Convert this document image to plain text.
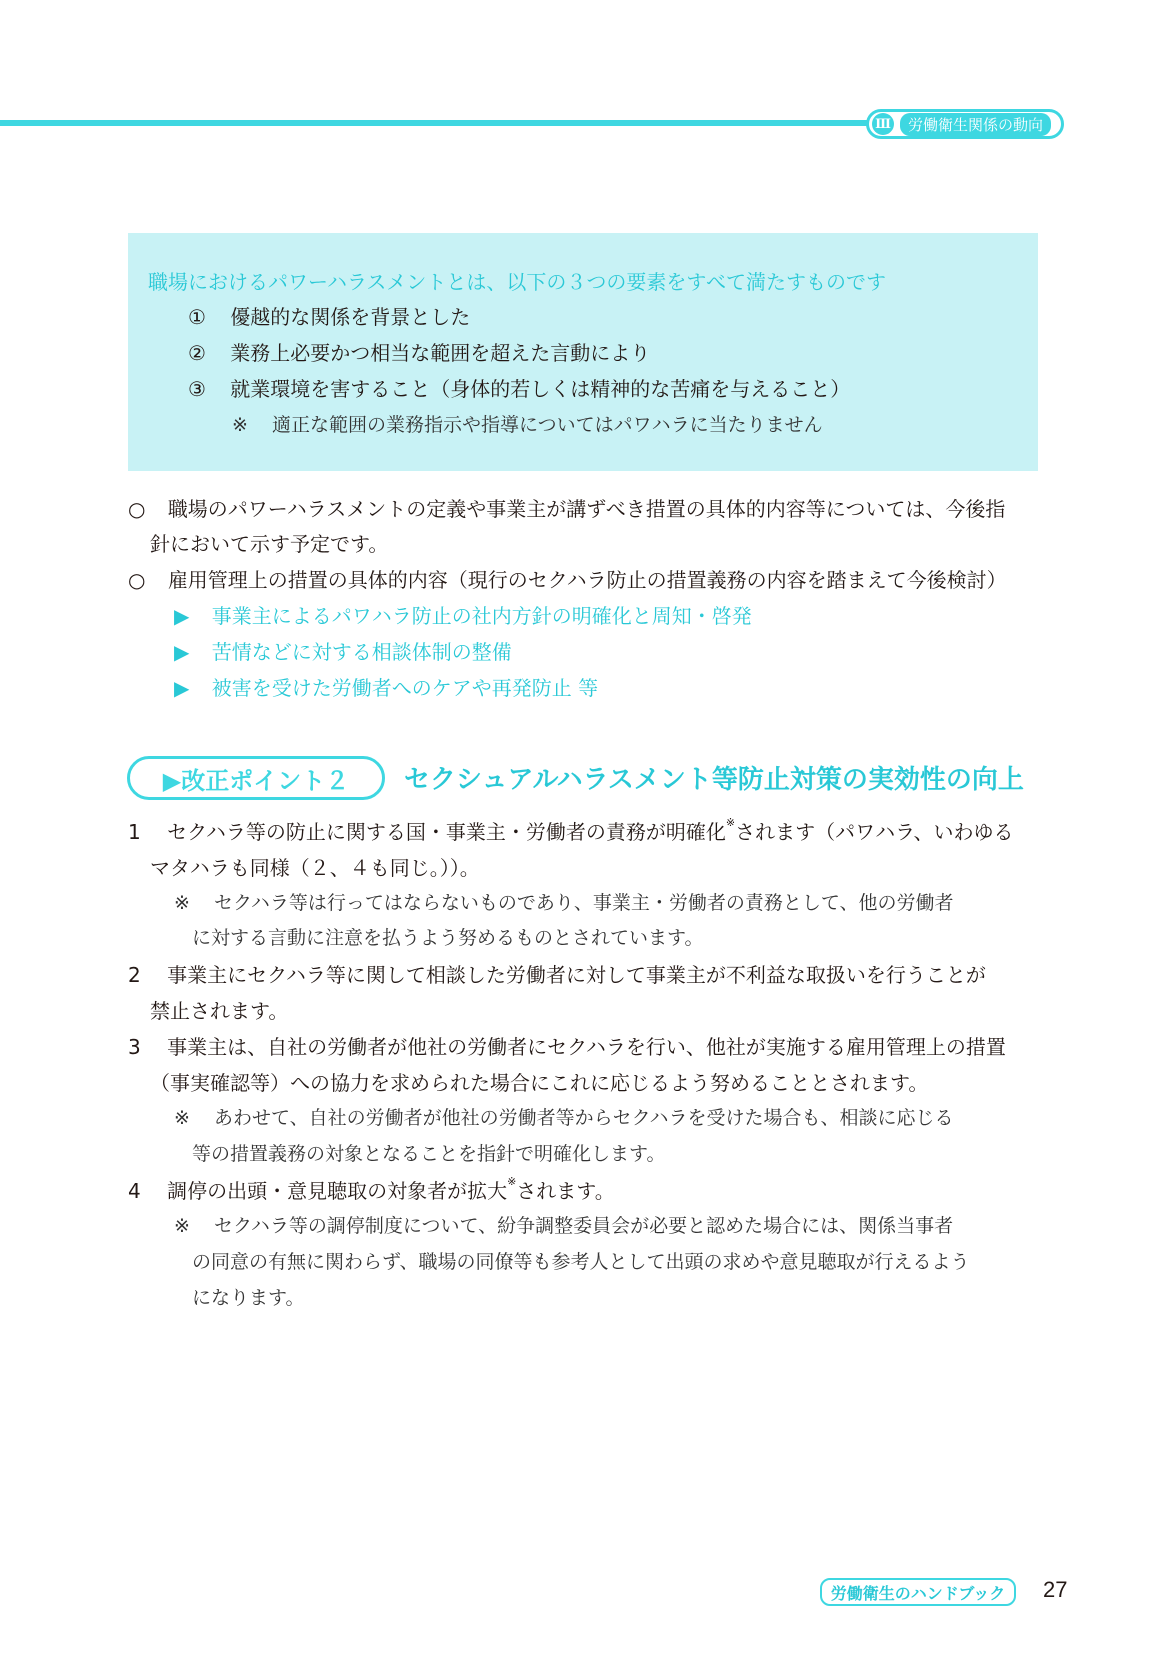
Ⅲ	労働衛生関係の動向
職場におけるパワーハラスメントとは、以下の３つの要素をすべて満たすものです
① 優越的な関係を背景とした
② 業務上必要かつ相当な範囲を超えた言動により
③ 就業環境を害すること（身体的若しくは精神的な苦痛を与えること）
※ 適正な範囲の業務指示や指導についてはパワハラに当たりません
○ 職場のパワーハラスメントの定義や事業主が講ずべき措置の具体的内容等については、今後指
針において示す予定です。
○ 雇用管理上の措置の具体的内容（現行のセクハラ防止の措置義務の内容を踏まえて今後検討）
▶ 事業主によるパワハラ防止の社内方針の明確化と周知・啓発
▶ 苦情などに対する相談体制の整備
▶ 被害を受けた労働者へのケアや再発防止 等
▶改正ポイント２	セクシュアルハラスメント等防止対策の実効性の向上
1 セクハラ等の防止に関する国・事業主・労働者の責務が明確化※されます（パワハラ、いわゆる
マタハラも同様（２、４も同じ。））。
※ セクハラ等は行ってはならないものであり、事業主・労働者の責務として、他の労働者
に対する言動に注意を払うよう努めるものとされています。
2 事業主にセクハラ等に関して相談した労働者に対して事業主が不利益な取扱いを行うことが
禁止されます。
3 事業主は、自社の労働者が他社の労働者にセクハラを行い、他社が実施する雇用管理上の措置
（事実確認等）への協力を求められた場合にこれに応じるよう努めることとされます。
※ あわせて、自社の労働者が他社の労働者等からセクハラを受けた場合も、相談に応じる
等の措置義務の対象となることを指針で明確化します。
4 調停の出頭・意見聴取の対象者が拡大※されます。
※ セクハラ等の調停制度について、紛争調整委員会が必要と認めた場合には、関係当事者
の同意の有無に関わらず、職場の同僚等も参考人として出頭の求めや意見聴取が行えるよう
になります。
労働衛生のハンドブック	27
